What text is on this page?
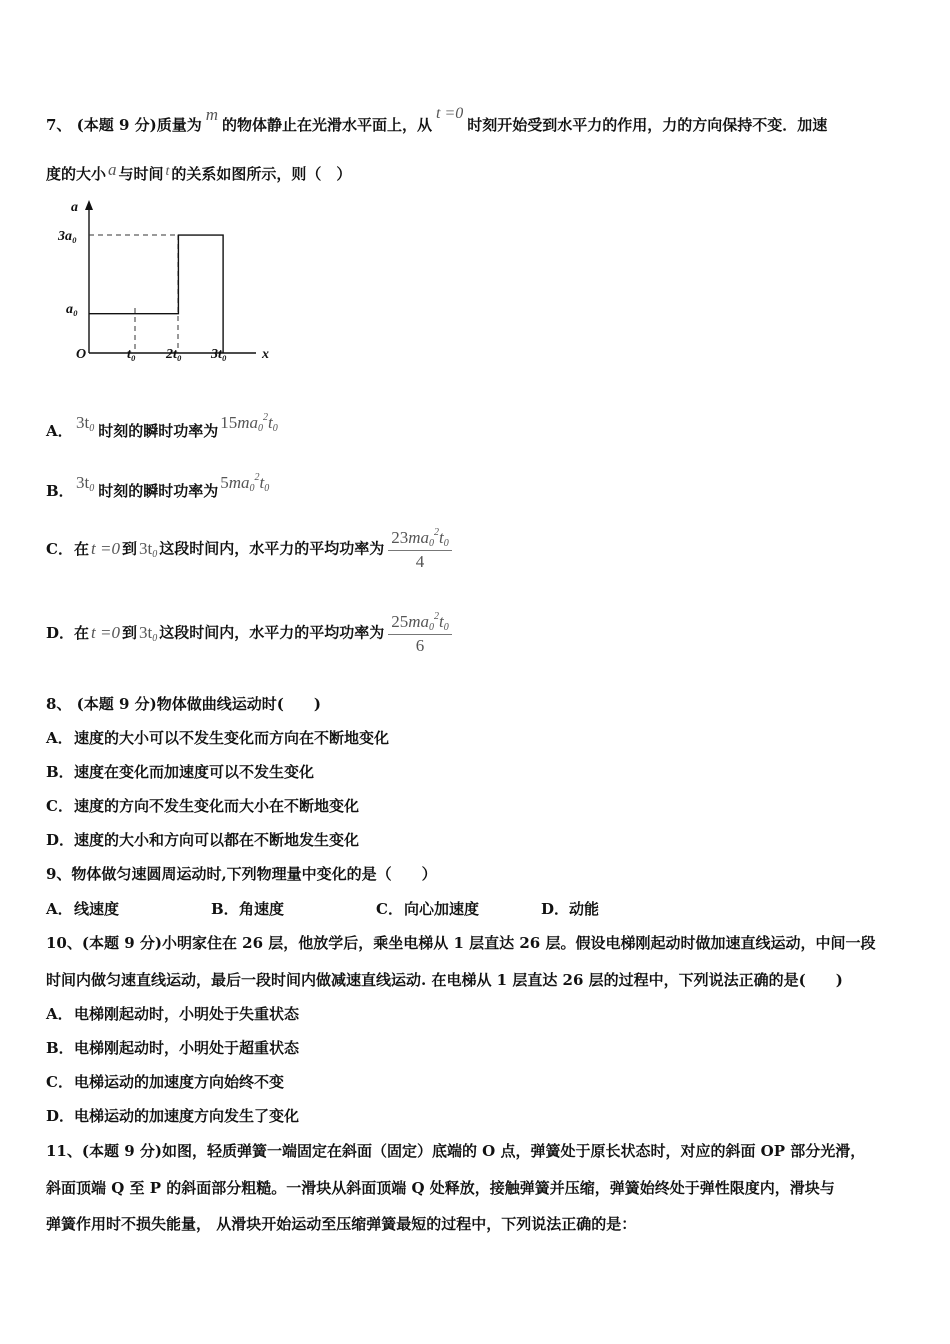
7、 (本题 9 分)质量为m的物体静止在光滑水平面上，从t =0时刻开始受到水平力的作用，力的方向保持不变．加速
度的大小 a 与时间 t 的关系如图所示，则（　）
a
3a₀
a₀
O	t₀ 2t₀ 3t₀	x
A． $3t_0$ 时刻的瞬时功率为 $15ma_0^2t_0$
B． $3t_0$ 时刻的瞬时功率为 $5ma_0^2t_0$
C．在 t =0 到 $3t_0$ 这段时间内，水平力的平均功率为 $\frac{23ma_0^2t_0}{4}$
D．在 t =0 到 $3t_0$ 这段时间内，水平力的平均功率为 $\frac{25ma_0^2t_0}{6}$
8、 (本题 9 分)物体做曲线运动时(　　)
A．速度的大小可以不发生变化而方向在不断地变化
B．速度在变化而加速度可以不发生变化
C．速度的方向不发生变化而大小在不断地变化
D．速度的大小和方向可以都在不断地发生变化
9、物体做匀速圆周运动时,下列物理量中变化的是（　　）
A．线速度	B．角速度	C．向心加速度	D．动能
10、(本题 9 分)小明家住在 26 层，他放学后，乘坐电梯从 1 层直达 26 层。假设电梯刚起动时做加速直线运动，中间一段
时间内做匀速直线运动，最后一段时间内做减速直线运动. 在电梯从 1 层直达 26 层的过程中，下列说法正确的是(　　)
A．电梯刚起动时，小明处于失重状态
B．电梯刚起动时，小明处于超重状态
C．电梯运动的加速度方向始终不变
D．电梯运动的加速度方向发生了变化
11、(本题 9 分)如图，轻质弹簧一端固定在斜面（固定）底端的 O 点，弹簧处于原长状态时，对应的斜面 OP 部分光滑，
斜面顶端 Q 至 P 的斜面部分粗糙。一滑块从斜面顶端 Q 处释放，接触弹簧并压缩，弹簧始终处于弹性限度内，滑块与
弹簧作用时不损失能量， 从滑块开始运动至压缩弹簧最短的过程中，下列说法正确的是：
